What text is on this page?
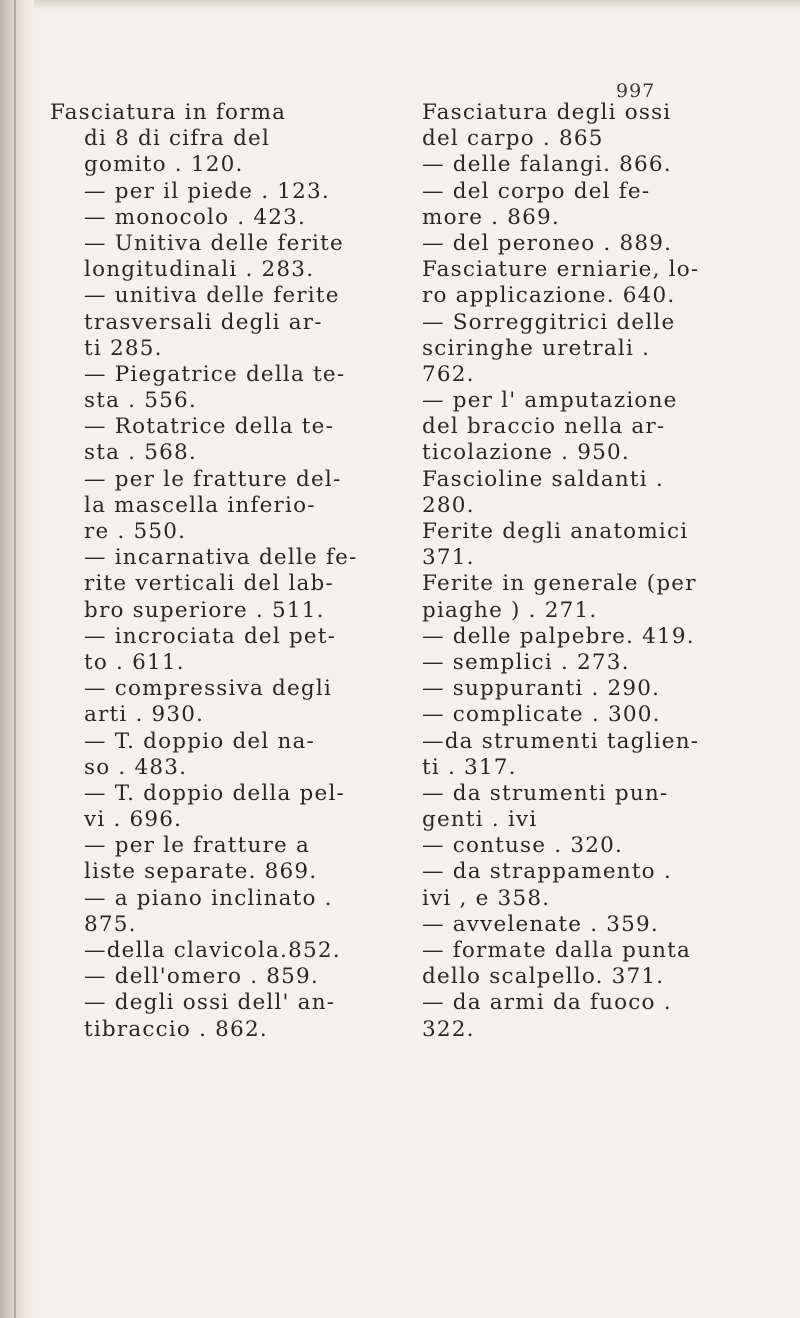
997
Fasciatura in forma
di 8 di cifra del
gomito . 120.
— per il piede . 123.
— monocolo . 423.
— Unitiva delle ferite
longitudinali . 283.
— unitiva delle ferite
trasversali degli ar-
ti 285.
— Piegatrice della te-
sta . 556.
— Rotatrice della te-
sta . 568.
— per le fratture del-
la mascella inferio-
re . 550.
— incarnativa delle fe-
rite verticali del lab-
bro superiore . 511.
— incrociata del pet-
to . 611.
— compressiva degli
arti . 930.
— T. doppio del na-
so . 483.
— T. doppio della pel-
vi . 696.
— per le fratture a
liste separate. 869.
— a piano inclinato .
875.
—della clavicola.852.
— dell'omero . 859.
— degli ossi dell' an-
tibraccio . 862.
Fasciatura degli ossi
del carpo . 865
— delle falangi. 866.
— del corpo del fe-
more . 869.
— del peroneo . 889.
Fasciature erniarie, lo-
ro applicazione. 640.
— Sorreggitrici delle
sciringhe uretrali .
762.
— per l' amputazione
del braccio nella ar-
ticolazione . 950.
Fascioline saldanti .
280.
Ferite degli anatomici
371.
Ferite in generale (per
piaghe ) . 271.
— delle palpebre. 419.
— semplici . 273.
— suppuranti . 290.
— complicate . 300.
—da strumenti taglien-
ti . 317.
— da strumenti pun-
genti . ivi
— contuse . 320.
— da strappamento .
ivi , e 358.
— avvelenate . 359.
— formate dalla punta
dello scalpello. 371.
— da armi da fuoco .
322.
